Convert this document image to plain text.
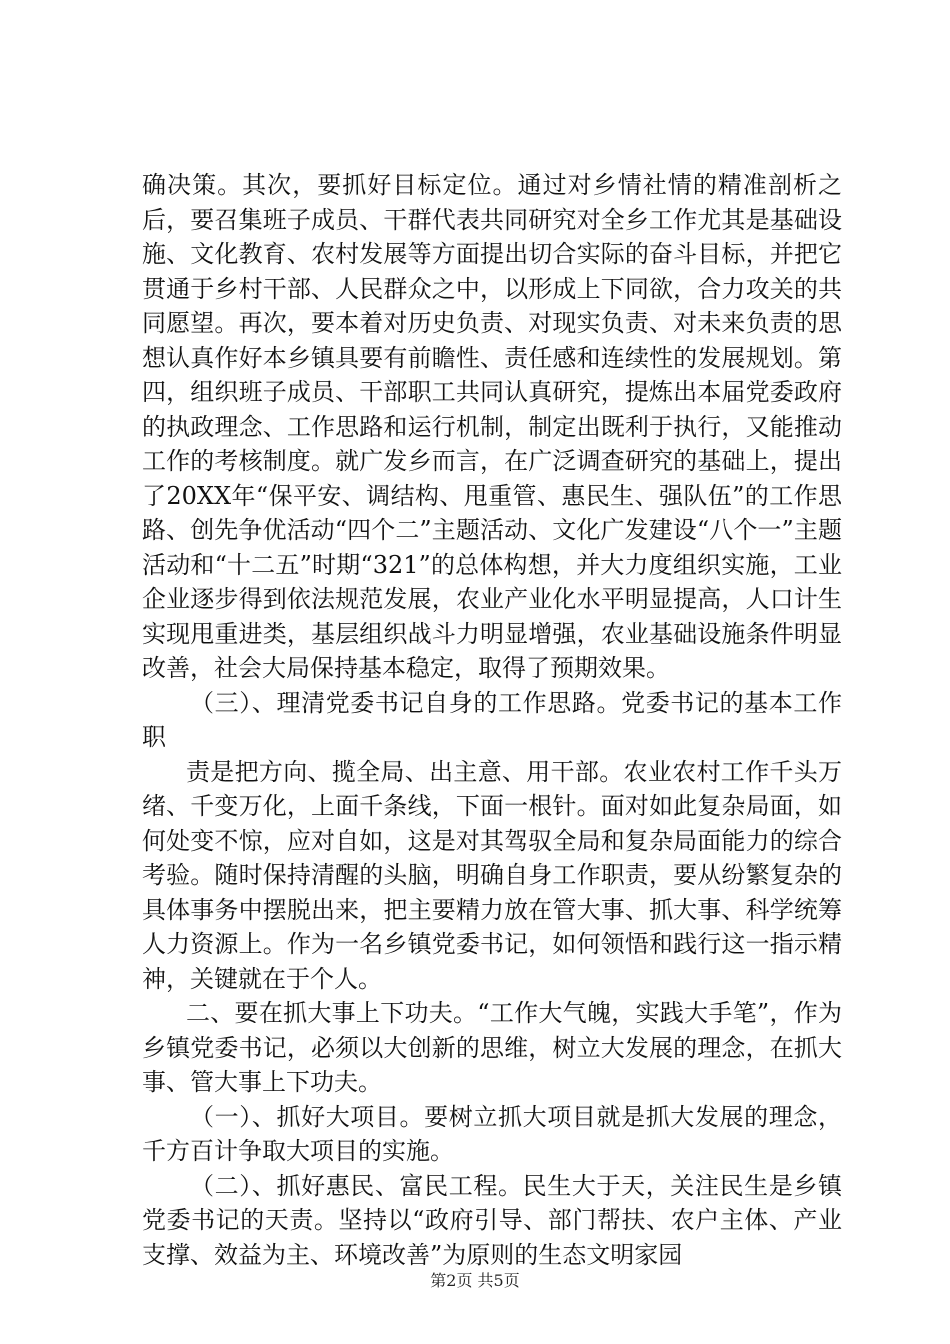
确决策。其次，要抓好目标定位。通过对乡情社情的精准剖析之后，要召集班子成员、干群代表共同研究对全乡工作尤其是基础设施、文化教育、农村发展等方面提出切合实际的奋斗目标，并把它贯通于乡村干部、人民群众之中，以形成上下同欲，合力攻关的共同愿望。再次，要本着对历史负责、对现实负责、对未来负责的思想认真作好本乡镇具要有前瞻性、责任感和连续性的发展规划。第四，组织班子成员、干部职工共同认真研究，提炼出本届党委政府的执政理念、工作思路和运行机制，制定出既利于执行，又能推动工作的考核制度。就广发乡而言，在广泛调查研究的基础上，提出了20XX年“保平安、调结构、甩重管、惠民生、强队伍”的工作思路、创先争优活动“四个二”主题活动、文化广发建设“八个一”主题活动和“十二五”时期“321”的总体构想，并大力度组织实施，工业企业逐步得到依法规范发展，农业产业化水平明显提高，人口计生实现甩重进类，基层组织战斗力明显增强，农业基础设施条件明显改善，社会大局保持基本稳定，取得了预期效果。

（三）、理清党委书记自身的工作思路。党委书记的基本工作职

责是把方向、揽全局、出主意、用干部。农业农村工作千头万绪、千变万化，上面千条线，下面一根针。面对如此复杂局面，如何处变不惊，应对自如，这是对其驾驭全局和复杂局面能力的综合考验。随时保持清醒的头脑，明确自身工作职责，要从纷繁复杂的具体事务中摆脱出来，把主要精力放在管大事、抓大事、科学统筹人力资源上。作为一名乡镇党委书记，如何领悟和践行这一指示精神，关键就在于个人。

二、要在抓大事上下功夫。“工作大气魄，实践大手笔”，作为乡镇党委书记，必须以大创新的思维，树立大发展的理念，在抓大事、管大事上下功夫。

（一）、抓好大项目。要树立抓大项目就是抓大发展的理念，千方百计争取大项目的实施。

（二）、抓好惠民、富民工程。民生大于天，关注民生是乡镇党委书记的天责。坚持以“政府引导、部门帮扶、农户主体、产业支撑、效益为主、环境改善”为原则的生态文明家园

第2页 共5页
